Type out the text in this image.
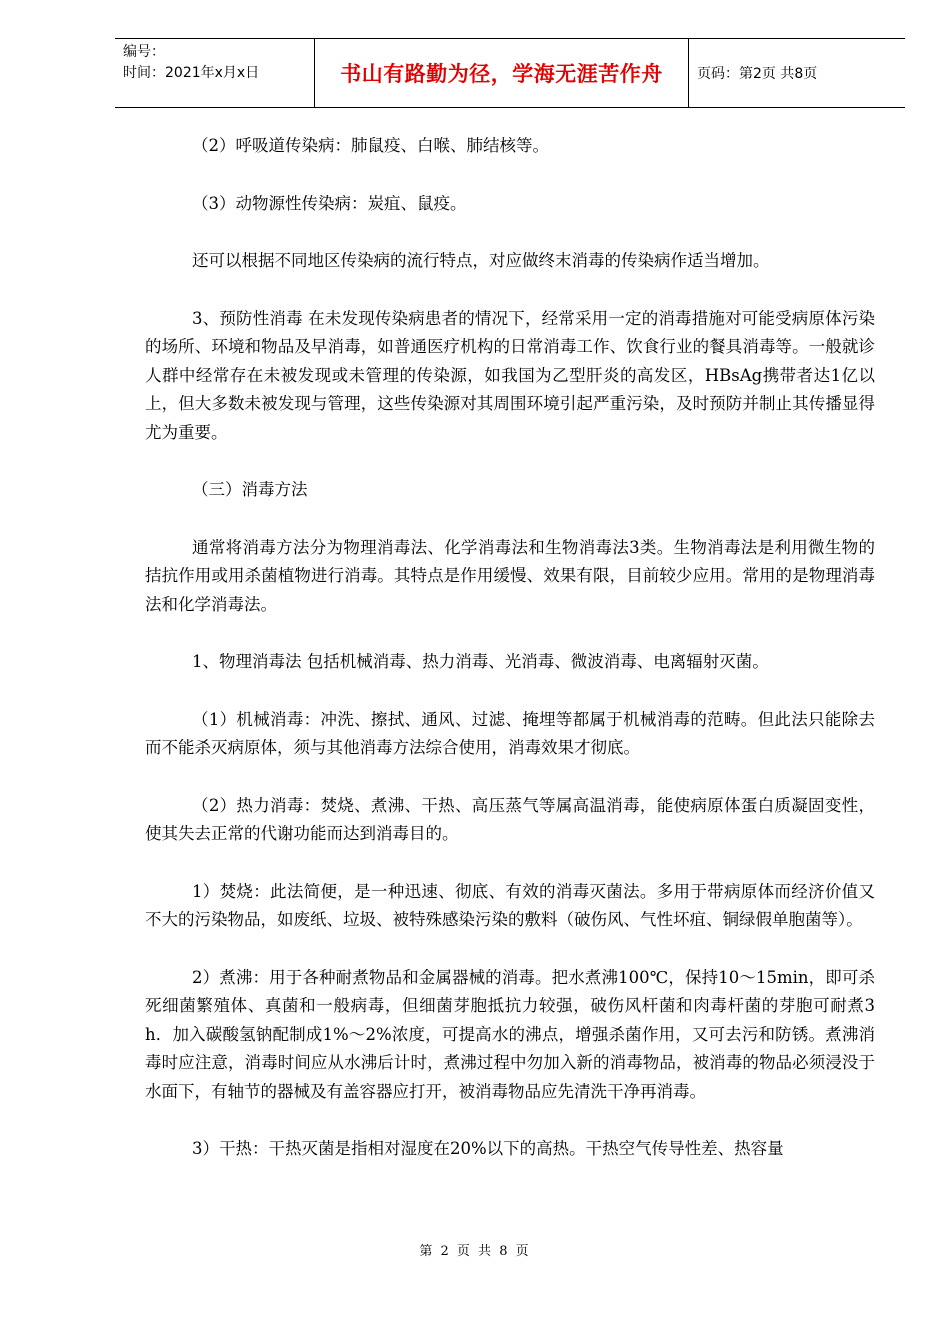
编号：
时间：2021年x月x日	书山有路勤为径，学海无涯苦作舟	页码：第2页 共8页

（2）呼吸道传染病：肺鼠疫、白喉、肺结核等。

（3）动物源性传染病：炭疽、鼠疫。

还可以根据不同地区传染病的流行特点，对应做终末消毒的传染病作适当增加。

3、预防性消毒 在未发现传染病患者的情况下，经常采用一定的消毒措施对可能受病原体污染的场所、环境和物品及早消毒，如普通医疗机构的日常消毒工作、饮食行业的餐具消毒等。一般就诊人群中经常存在未被发现或未管理的传染源，如我国为乙型肝炎的高发区，HBsAg携带者达1亿以上，但大多数未被发现与管理，这些传染源对其周围环境引起严重污染，及时预防并制止其传播显得尤为重要。

（三）消毒方法

通常将消毒方法分为物理消毒法、化学消毒法和生物消毒法3类。生物消毒法是利用微生物的拮抗作用或用杀菌植物进行消毒。其特点是作用缓慢、效果有限，目前较少应用。常用的是物理消毒法和化学消毒法。

1、物理消毒法 包括机械消毒、热力消毒、光消毒、微波消毒、电离辐射灭菌。

（1）机械消毒：冲洗、擦拭、通风、过滤、掩埋等都属于机械消毒的范畴。但此法只能除去而不能杀灭病原体，须与其他消毒方法综合使用，消毒效果才彻底。

（2）热力消毒：焚烧、煮沸、干热、高压蒸气等属高温消毒，能使病原体蛋白质凝固变性，使其失去正常的代谢功能而达到消毒目的。

1）焚烧：此法简便，是一种迅速、彻底、有效的消毒灭菌法。多用于带病原体而经济价值又不大的污染物品，如废纸、垃圾、被特殊感染污染的敷料（破伤风、气性坏疽、铜绿假单胞菌等）。

2）煮沸：用于各种耐煮物品和金属器械的消毒。把水煮沸100℃，保持10～15min，即可杀死细菌繁殖体、真菌和一般病毒，但细菌芽胞抵抗力较强，破伤风杆菌和肉毒杆菌的芽胞可耐煮3h．加入碳酸氢钠配制成1%～2%浓度，可提高水的沸点，增强杀菌作用，又可去污和防锈。煮沸消毒时应注意，消毒时间应从水沸后计时，煮沸过程中勿加入新的消毒物品，被消毒的物品必须浸没于水面下，有轴节的器械及有盖容器应打开，被消毒物品应先清洗干净再消毒。

3）干热：干热灭菌是指相对湿度在20%以下的高热。干热空气传导性差、热容量

第 2 页 共 8 页
